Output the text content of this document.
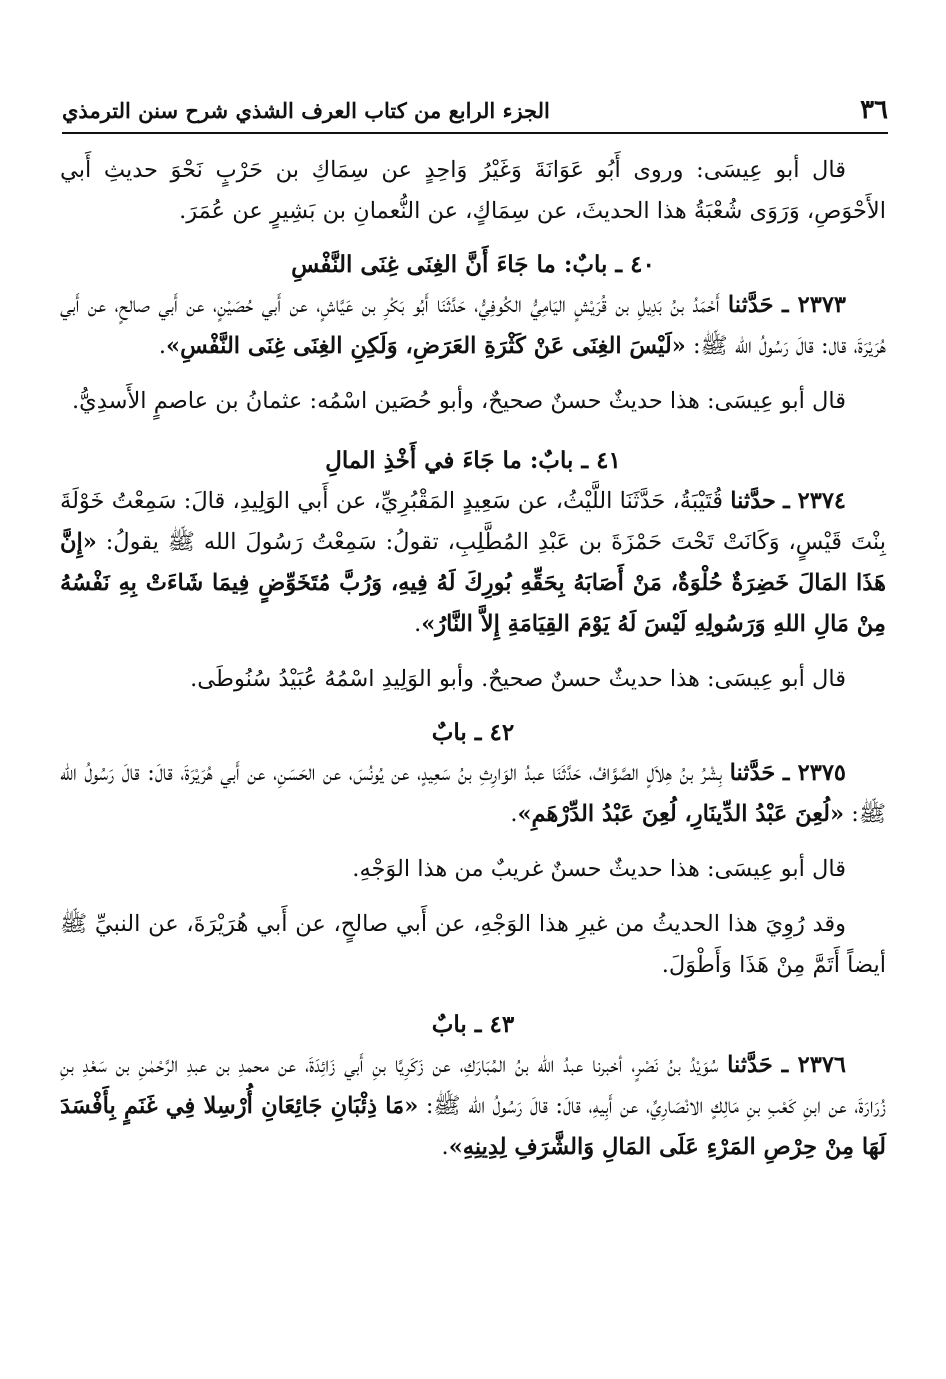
٣٦
الجزء الرابع من كتاب العرف الشذي شرح سنن الترمذي

قال أبو عِيسَى: وروى أَبُو عَوَانَةَ وَغَيْرُ وَاحِدٍ عن سِمَاكِ بن حَرْبٍ نَحْوَ حديثِ أَبي الأَحْوَصِ، وَرَوَى شُعْبَةُ هذا الحديثَ، عن سِمَاكٍ، عن النُّعمانِ بن بَشِيرٍ عن عُمَرَ.

٤٠ ـ بابٌ: ما جَاءَ أَنَّ الغِنَى غِنَى النَّفْسِ

٢٣٧٣ ـ حَدَّثنا أَحْمَدُ بنُ بَدِيلِ بن قُرَيْشٍ اليَامِيُّ الكُوفِيُّ، حَدَّثَنَا أَبُو بَكْرِ بن عَيَّاشٍ، عن أَبي حُصَيْنٍ، عن أَبي صالحٍ، عن أَبي هُرَيْرَةَ، قال: قالَ رَسُولُ الله ﷺ: «لَيْسَ الغِنَى عَنْ كَثْرَةِ العَرَضِ، وَلَكِنِ الغِنَى غِنَى النَّفْسِ».

قال أبو عِيسَى: هذا حديثٌ حسنٌ صحيحٌ، وأبو حُصَين اسْمُه: عثمانُ بن عاصمٍ الأَسدِيُّ.

٤١ ـ بابٌ: ما جَاءَ في أَخْذِ المالِ

٢٣٧٤ ـ حدَّثنا قُتَيْبَةُ، حَدَّثَنَا اللَّيْثُ، عن سَعِيدٍ المَقْبُرِيِّ، عن أَبي الوَلِيدِ، قالَ: سَمِعْتُ خَوْلَةَ بِنْتَ قَيْسٍ، وَكَانَتْ تَحْتَ حَمْزَةَ بن عَبْدِ المُطَّلِبِ، تقولُ: سَمِعْتُ رَسُولَ الله ﷺ يقولُ: «إِنَّ هَذَا المَالَ خَضِرَةٌ حُلْوَةٌ، مَنْ أَصَابَهُ بِحَقِّهِ بُورِكَ لَهُ فِيهِ، وَرُبَّ مُتَخَوِّضٍ فِيمَا شَاءَتْ بِهِ نَفْسُهُ مِنْ مَالِ اللهِ وَرَسُولِهِ لَيْسَ لَهُ يَوْمَ القِيَامَةِ إِلاَّ النَّارُ».

قال أبو عِيسَى: هذا حديثٌ حسنٌ صحيحٌ. وأبو الوَلِيدِ اسْمُهُ عُبَيْدُ سُنُوطَى.

٤٢ ـ بابٌ

٢٣٧٥ ـ حَدَّثنا بِشْرُ بنُ هِلاَلٍ الصَّوَّافُ، حَدَّثَنَا عبدُ الوَارِثِ بنُ سَعِيدٍ، عن يُونُسَ، عن الحَسَنِ، عن أَبي هُرَيْرَةَ، قالَ: قالَ رَسُولُ الله ﷺ: «لُعِنَ عَبْدُ الدِّينَارِ، لُعِنَ عَبْدُ الدِّرْهَمِ».

قال أبو عِيسَى: هذا حديثٌ حسنٌ غريبٌ من هذا الوَجْهِ.

وقد رُوِيَ هذا الحديثُ من غيرِ هذا الوَجْهِ، عن أَبي صالحٍ، عن أَبي هُرَيْرَةَ، عن النبيِّ ﷺ أيضاً أَتَمَّ مِنْ هَذَا وَأَطْوَلَ.

٤٣ ـ بابٌ

٢٣٧٦ ـ حَدَّثنا سُوَيْدُ بنُ نَصْرٍ، أخبرنا عبدُ الله بنُ المُبَارَكِ، عن زَكَرِيَّا بنِ أَبي زَائِدَةَ، عن محمدِ بن عبدِ الرَّحْمٰنِ بن سَعْدِ بنِ زُرَارَةَ، عن ابنِ كَعْبِ بنِ مَالِكٍ الانْصَارِيِّ، عن أَبِيهِ، قالَ: قالَ رَسُولُ الله ﷺ: «مَا ذِئْبَانِ جَائِعَانِ أُرْسِلا فِي غَنَمٍ بِأَفْسَدَ لَهَا مِنْ حِرْصِ المَرْءِ عَلَى المَالِ وَالشَّرَفِ لِدِينِهِ».
